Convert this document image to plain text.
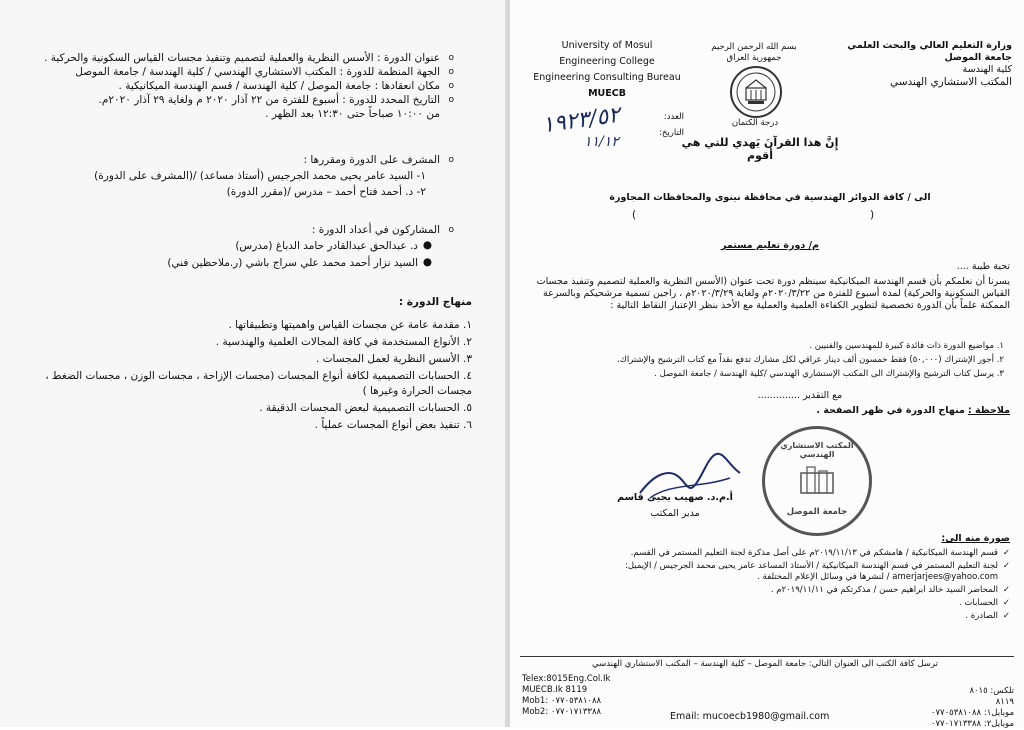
عنوان الدورة : الأسس النظرية والعملية لتصميم وتنفيذ مجسات القياس السكونية والحركية . o
الجهة المنظمة للدورة : المكتب الاستشاري الهندسي / كلية الهندسة / جامعة الموصل o
مكان انعقادها : جامعة الموصل / كلية الهندسة / قسم الهندسة الميكانيكية . o
التاريخ المحدد للدورة : أسبوع للفترة من ٢٢ آذار ٢٠٢٠ م ولغاية ٢٩ آذار ٢٠٢٠م. o
من ١٠:٠٠ صباحاً حتى ١٢:٣٠ بعد الظهر .
المشرف على الدورة ومقررها : o
١- السيد عامر يحيى محمد الجرجيس (أستاذ مساعد) /(المشرف على الدورة)
٢- د. أحمد فتاح أحمد – مدرس /(مقرر الدورة)
المشاركون في أعداد الدورة : o
●
د. عبدالحق عبدالقادر حامد الدباغ (مدرس)
●
السيد نزار أحمد محمد علي سراج باشي (ر.ملاحظين فني)
منهاج الدورة :
١. مقدمة عامة عن مجسات القياس واهميتها وتطبيقاتها .
٢. الأنواع المستخدمة في كافة المجالات العلمية والهندسية .
٣. الأسس النظرية لعمل المجسات .
٤. الحسابات التصميمية لكافة أنواع المجسات (مجسات الإزاحة ، مجسات الوزن ، مجسات الضغط ،
مجسات الحرارة وغيرها )
٥. الحسابات التصميمية لبعض المجسات الدقيقة .
٦. تنفيذ بعض أنواع المجسات عملياً .
وزارة التعليم العالي والبحث العلمي
جامعة الموصل
كلية الهندسة
المكتب الاستشاري الهندسي
بسم الله الرحمن الرحيم
جمهورية العراق
درجة الكتمان
University of Mosul
Engineering College
Engineering Consulting Bureau
MUECB
العدد:
التاريخ:
١٩٢٣/٥٢
١١/١٢	إِنَّ هذا القرآنَ يَهدي للتي هي أقوم
الى / كافة الدوائر الهندسية في محافظة نينوى والمحافظات المجاورة
(	)
م/ دورة تعليم مستمر
تحية طيبة ....
يسرنا أن نعلمكم بأن قسم الهندسة الميكانيكية سينظم دورة تحت عنوان (الأسس النظرية والعملية لتصميم وتنفيذ مجسات القياس السكونية والحركية) لمدة أسبوع للفترة من ٢٠٢٠/٣/٢٢م ولغاية ٢٠٢٠/٣/٢٩م ، راجين تسمية مرشحيكم وبالسرعة الممكنة علماً بأن الدورة تخصصية لتطوير الكفاءة العلمية والعملية مع الأخذ بنظر الإعتبار النقاط التالية :
١. مواضيع الدورة ذات فائدة كبيرة للمهندسين والفنيين .
٢. أجور الإشتراك (٥٠,٠٠٠) فقط خمسون ألف دينار عراقي لكل مشارك تدفع نقداً مع كتاب الترشيح والإشتراك.
٣. يرسل كتاب الترشيح والإشتراك الى المكتب الإستشاري الهندسي /كلية الهندسة / جامعة الموصل .
مع التقدير ..............
ملاحظة : منهاج الدورة في ظهر الصفحة .
أ.م.د. صهيب يحيى قاسم
مدير المكتب
المكتب الاستشاري الهندسي
جامعة الموصل
صورة منه الى:
✓
قسم الهندسة الميكانيكية / هامشكم في ٢٠١٩/١١/١٣م على أصل مذكرة لجنة التعليم المستمر في القسم.
✓
لجنة التعليم المستمر في قسم الهندسة الميكانيكية / الأستاذ المساعد عامر يحيى محمد الجرجيس / الإيميل:
amerjarjees@yahoo.com / لنشرها في وسائل الإعلام المختلفة .
✓
المحاضر السيد خالد ابراهيم حسن / مذكرتكم في ٢٠١٩/١١/١١م .
✓
الحسابات .
✓
الصادرة .
ترسل كافة الكتب الى العنوان التالي: جامعة الموصل – كلية الهندسة – المكتب الاستشاري الهندسي
Telex:8015Eng.Col.Ik
MUECB.Ik 8119
Mob1: ٠٧٧٠٥٣٨١٠٨٨
Mob2: ٠٧٧٠١٧١٣٣٨٨	Email: mucoecb1980@gmail.com
تلكس: ٨٠١٥
٨١١٩
موبايل١: ٠٧٧٠٥٣٨١٠٨٨
موبايل٢: ٠٧٧٠١٧١٣٣٨٨
